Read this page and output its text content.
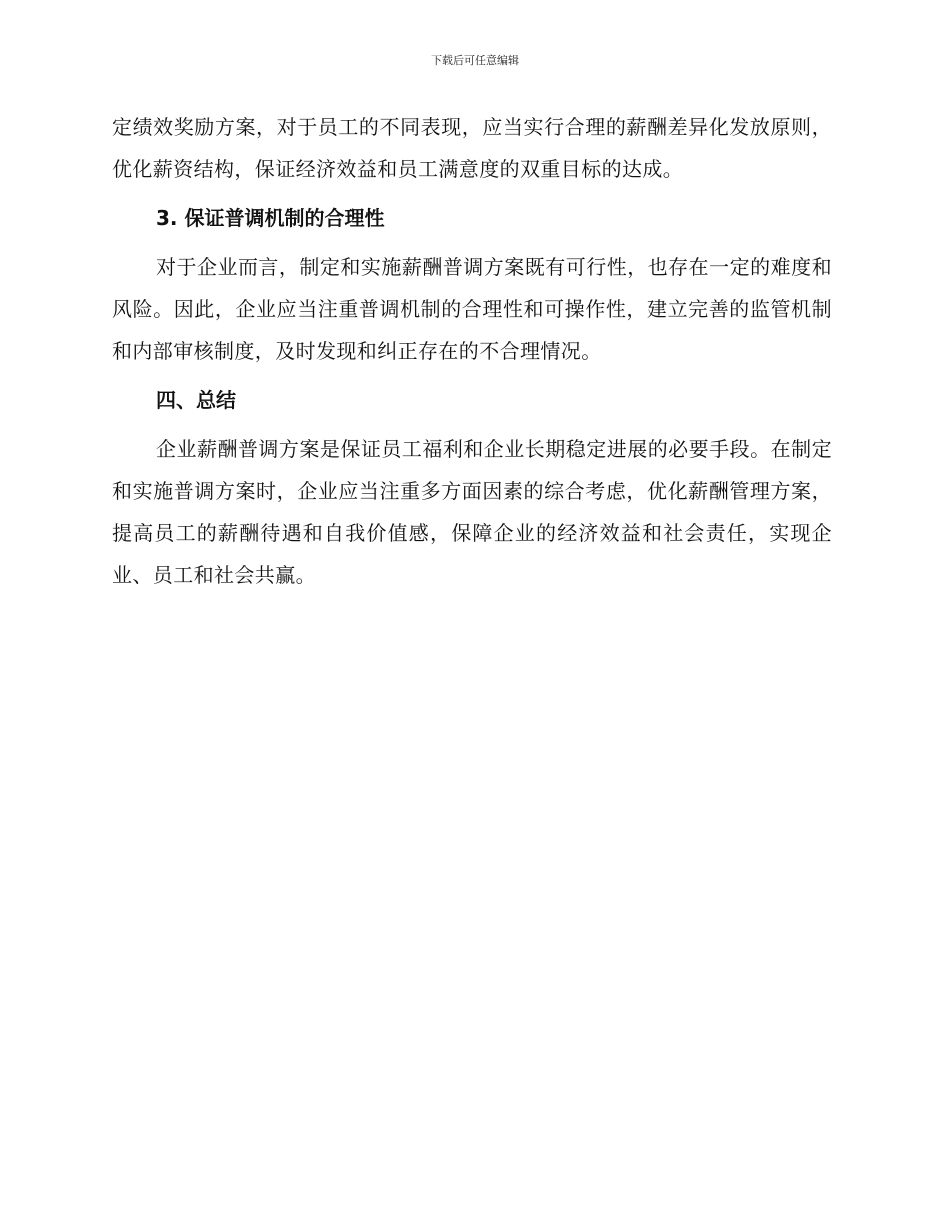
下载后可任意编辑

定绩效奖励方案，对于员工的不同表现，应当实行合理的薪酬差异化发放原则，优化薪资结构，保证经济效益和员工满意度的双重目标的达成。

3. 保证普调机制的合理性

对于企业而言，制定和实施薪酬普调方案既有可行性，也存在一定的难度和风险。因此，企业应当注重普调机制的合理性和可操作性，建立完善的监管机制和内部审核制度，及时发现和纠正存在的不合理情况。

四、总结

企业薪酬普调方案是保证员工福利和企业长期稳定进展的必要手段。在制定和实施普调方案时，企业应当注重多方面因素的综合考虑，优化薪酬管理方案，提高员工的薪酬待遇和自我价值感，保障企业的经济效益和社会责任，实现企业、员工和社会共赢。
